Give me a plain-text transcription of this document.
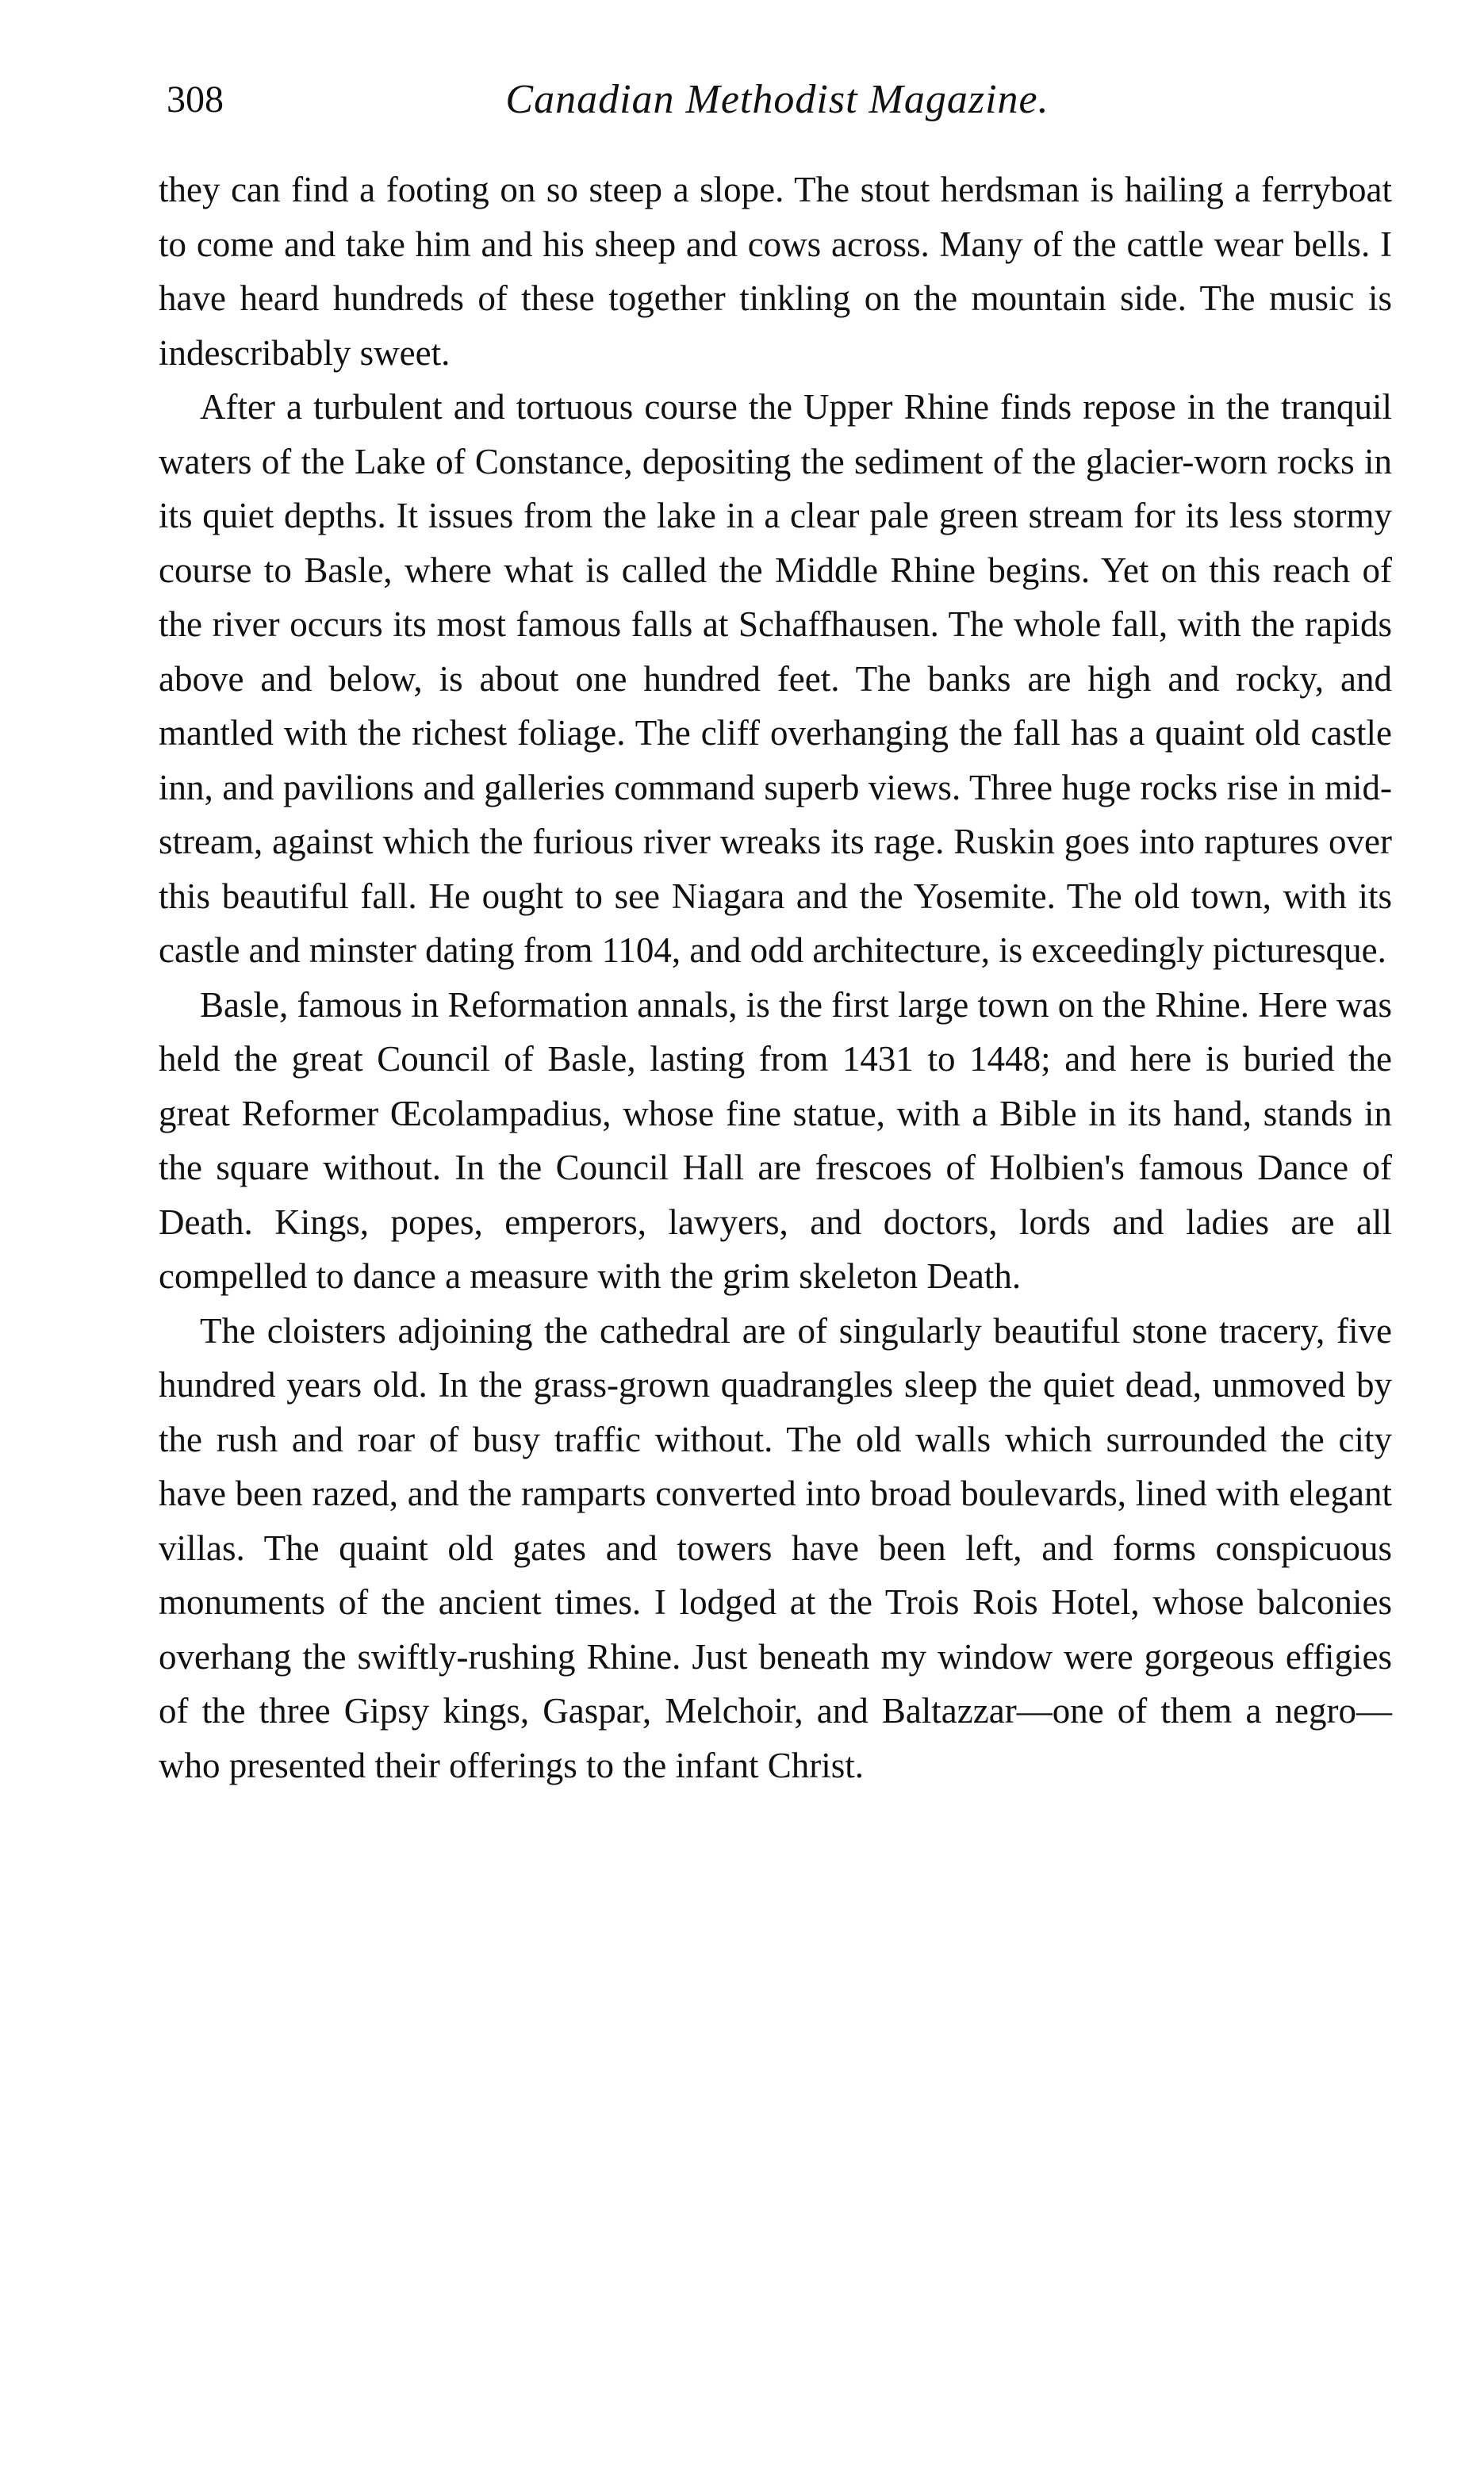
308	Canadian Methodist Magazine.

they can find a footing on so steep a slope. The stout herdsman is hailing a ferryboat to come and take him and his sheep and cows across. Many of the cattle wear bells. I have heard hundreds of these together tinkling on the mountain side. The music is indescribably sweet.

After a turbulent and tortuous course the Upper Rhine finds repose in the tranquil waters of the Lake of Constance, depositing the sediment of the glacier-worn rocks in its quiet depths. It issues from the lake in a clear pale green stream for its less stormy course to Basle, where what is called the Middle Rhine begins. Yet on this reach of the river occurs its most famous falls at Schaffhausen. The whole fall, with the rapids above and below, is about one hundred feet. The banks are high and rocky, and mantled with the richest foliage. The cliff overhanging the fall has a quaint old castle inn, and pavilions and galleries command superb views. Three huge rocks rise in mid-stream, against which the furious river wreaks its rage. Ruskin goes into raptures over this beautiful fall. He ought to see Niagara and the Yosemite. The old town, with its castle and minster dating from 1104, and odd architecture, is exceedingly picturesque.

Basle, famous in Reformation annals, is the first large town on the Rhine. Here was held the great Council of Basle, lasting from 1431 to 1448; and here is buried the great Reformer Œcolampadius, whose fine statue, with a Bible in its hand, stands in the square without. In the Council Hall are frescoes of Holbien's famous Dance of Death. Kings, popes, emperors, lawyers, and doctors, lords and ladies are all compelled to dance a measure with the grim skeleton Death.

The cloisters adjoining the cathedral are of singularly beautiful stone tracery, five hundred years old. In the grass-grown quadrangles sleep the quiet dead, unmoved by the rush and roar of busy traffic without. The old walls which surrounded the city have been razed, and the ramparts converted into broad boulevards, lined with elegant villas. The quaint old gates and towers have been left, and forms conspicuous monuments of the ancient times. I lodged at the Trois Rois Hotel, whose balconies overhang the swiftly-rushing Rhine. Just beneath my window were gorgeous effigies of the three Gipsy kings, Gaspar, Melchoir, and Baltazzar—one of them a negro—who presented their offerings to the infant Christ.
